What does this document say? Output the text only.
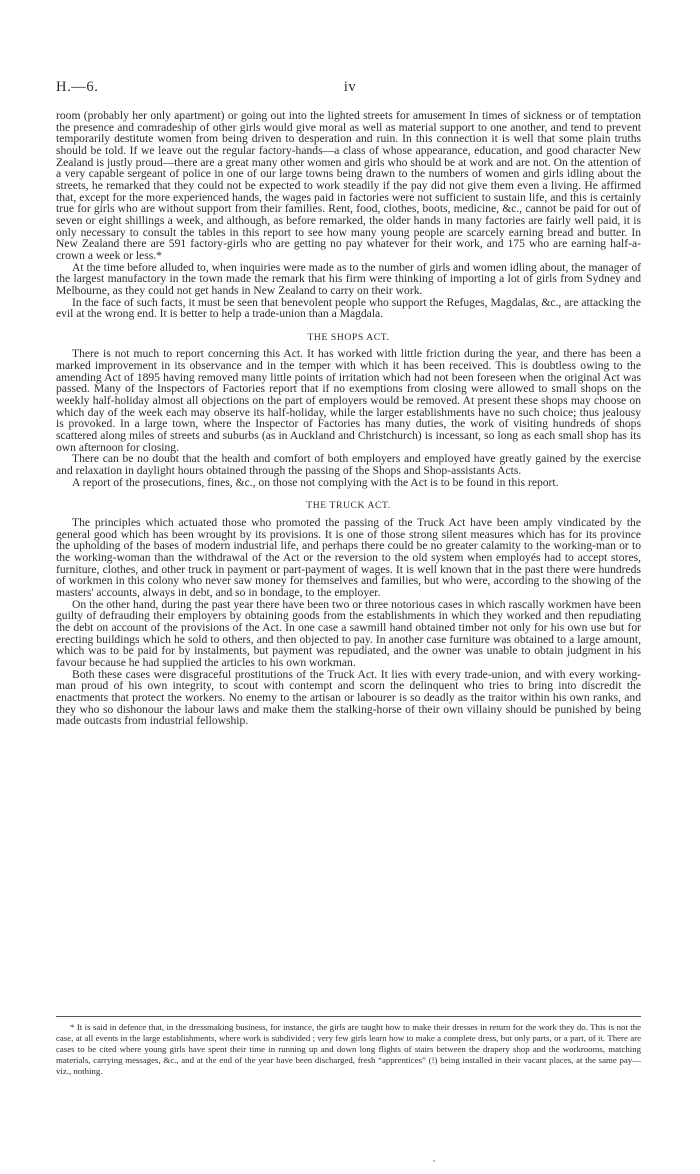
H.—6.	iv

room (probably her only apartment) or going out into the lighted streets for amusement In times of sickness or of temptation the presence and comradeship of other girls would give moral as well as material support to one another, and tend to prevent temporarily destitute women from being driven to desperation and ruin. In this connection it is well that some plain truths should be told. If we leave out the regular factory-hands—a class of whose appearance, education, and good character New Zealand is justly proud—there are a great many other women and girls who should be at work and are not. On the attention of a very capable sergeant of police in one of our large towns being drawn to the numbers of women and girls idling about the streets, he remarked that they could not be expected to work steadily if the pay did not give them even a living. He affirmed that, except for the more experienced hands, the wages paid in factories were not sufficient to sustain life, and this is certainly true for girls who are without support from their families. Rent, food, clothes, boots, medicine, &c., cannot be paid for out of seven or eight shillings a week, and although, as before remarked, the older hands in many factories are fairly well paid, it is only necessary to consult the tables in this report to see how many young people are scarcely earning bread and butter. In New Zealand there are 591 factory-girls who are getting no pay whatever for their work, and 175 who are earning half-a-crown a week or less.*

At the time before alluded to, when inquiries were made as to the number of girls and women idling about, the manager of the largest manufactory in the town made the remark that his firm were thinking of importing a lot of girls from Sydney and Melbourne, as they could not get hands in New Zealand to carry on their work.

In the face of such facts, it must be seen that benevolent people who support the Refuges, Magdalas, &c., are attacking the evil at the wrong end. It is better to help a trade-union than a Magdala.

THE SHOPS ACT.

There is not much to report concerning this Act. It has worked with little friction during the year, and there has been a marked improvement in its observance and in the temper with which it has been received. This is doubtless owing to the amending Act of 1895 having removed many little points of irritation which had not been foreseen when the original Act was passed. Many of the Inspectors of Factories report that if no exemptions from closing were allowed to small shops on the weekly half-holiday almost all objections on the part of employers would be removed. At present these shops may choose on which day of the week each may observe its half-holiday, while the larger establishments have no such choice; thus jealousy is provoked. In a large town, where the Inspector of Factories has many duties, the work of visiting hundreds of shops scattered along miles of streets and suburbs (as in Auckland and Christchurch) is incessant, so long as each small shop has its own afternoon for closing.

There can be no doubt that the health and comfort of both employers and employed have greatly gained by the exercise and relaxation in daylight hours obtained through the passing of the Shops and Shop-assistants Acts.

A report of the prosecutions, fines, &c., on those not complying with the Act is to be found in this report.

THE TRUCK ACT.

The principles which actuated those who promoted the passing of the Truck Act have been amply vindicated by the general good which has been wrought by its provisions. It is one of those strong silent measures which has for its province the upholding of the bases of modern industrial life, and perhaps there could be no greater calamity to the working-man or to the working-woman than the withdrawal of the Act or the reversion to the old system when employés had to accept stores, furniture, clothes, and other truck in payment or part-payment of wages. It is well known that in the past there were hundreds of workmen in this colony who never saw money for themselves and families, but who were, according to the showing of the masters' accounts, always in debt, and so in bondage, to the employer.

On the other hand, during the past year there have been two or three notorious cases in which rascally workmen have been guilty of defrauding their employers by obtaining goods from the establishments in which they worked and then repudiating the debt on account of the provisions of the Act. In one case a sawmill hand obtained timber not only for his own use but for erecting buildings which he sold to others, and then objected to pay. In another case furniture was obtained to a large amount, which was to be paid for by instalments, but payment was repudiated, and the owner was unable to obtain judgment in his favour because he had supplied the articles to his own workman.

Both these cases were disgraceful prostitutions of the Truck Act. It lies with every trade-union, and with every working-man proud of his own integrity, to scout with contempt and scorn the delinquent who tries to bring into discredit the enactments that protect the workers. No enemy to the artisan or labourer is so deadly as the traitor within his own ranks, and they who so dishonour the labour laws and make them the stalking-horse of their own villainy should be punished by being made outcasts from industrial fellowship.

* It is said in defence that, in the dressmaking business, for instance, the girls are taught how to make their dresses in return for the work they do. This is not the case, at all events in the large establishments, where work is subdivided ; very few girls learn how to make a complete dress, but only parts, or a part, of it. There are cases to be cited where young girls have spent their time in running up and down long flights of stairs between the drapery shop and the workrooms, matching materials, carrying messages, &c., and at the end of the year have been discharged, fresh “apprentices” (!) being installed in their vacant places, at the same pay—viz., nothing.
